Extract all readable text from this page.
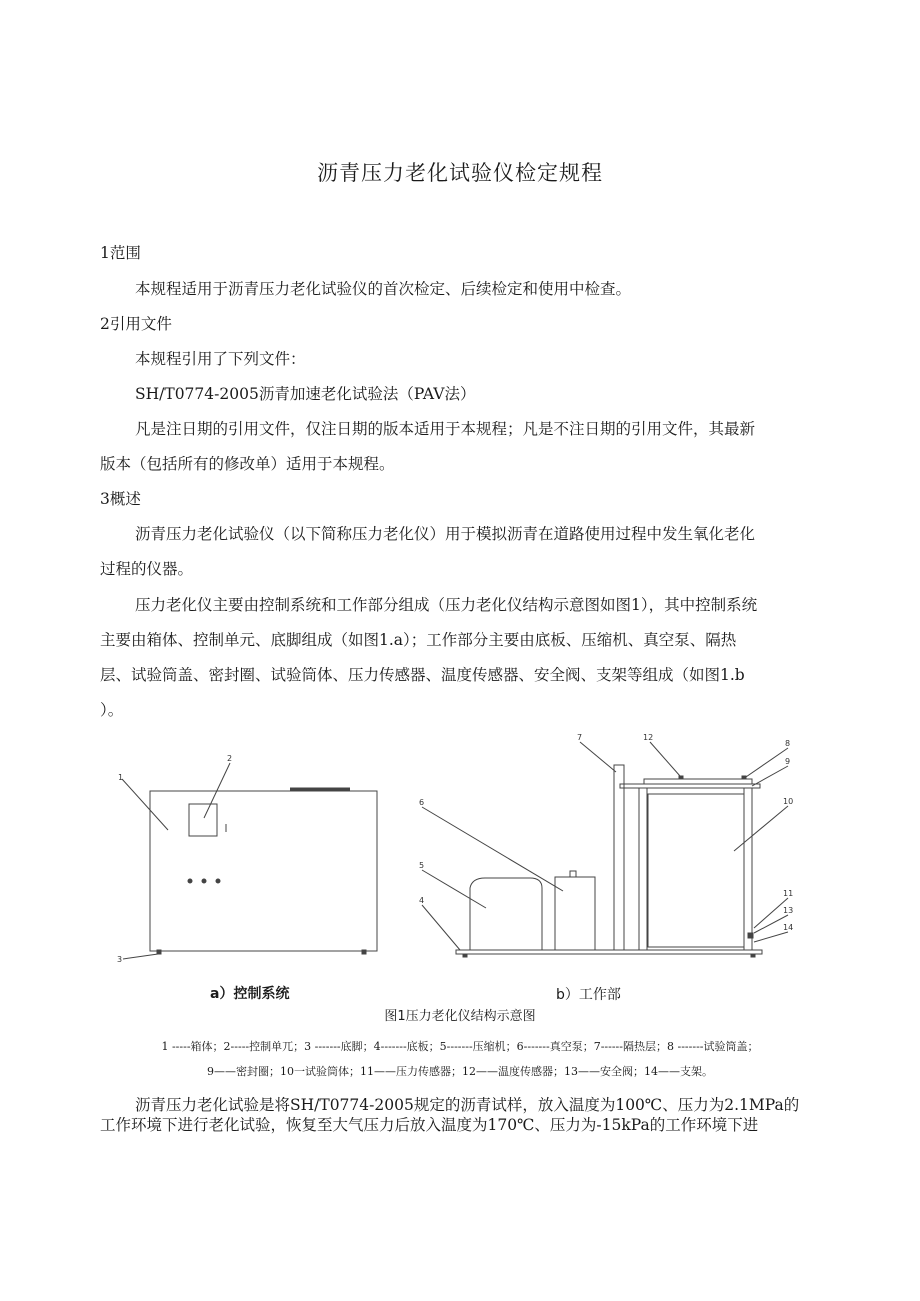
沥青压力老化试验仪检定规程
1范围
本规程适用于沥青压力老化试验仪的首次检定、后续检定和使用中检查。
2引用文件
本规程引用了下列文件：
SH/T0774-2005沥青加速老化试验法（PAV法）
凡是注日期的引用文件，仅注日期的版本适用于本规程；凡是不注日期的引用文件，其最新
版本（包括所有的修改单）适用于本规程。
3概述
沥青压力老化试验仪（以下简称压力老化仪）用于模拟沥青在道路使用过程中发生氧化老化
过程的仪器。
压力老化仪主要由控制系统和工作部分组成（压力老化仪结构示意图如图1），其中控制系统
主要由箱体、控制单元、底脚组成（如图1.a）；工作部分主要由底板、压缩机、真空泵、隔热
层、试验筒盖、密封圈、试验筒体、压力传感器、温度传感器、安全阀、支架等组成（如图1.b
）。
1
2
3
4
5
6
7
8
9
10
11
12
13
14
a）控制系统	b）工作部
图1压力老化仪结构示意图
1 -----箱体；2-----控制单兀；3 -------底脚；4-------底板；5-------压缩机；6-------真空泵；7------隔热层；8 -------试验筒盖；
9——密封圈；10一试验筒体；11——压力传感器；12——温度传感器；13——安全阀；14——支架。
沥青压力老化试验是将SH/T0774-2005规定的沥青试样，放入温度为100℃、压力为2.1MPa的
工作环境下进行老化试验，恢复至大气压力后放入温度为170℃、压力为-15kPa的工作环境下进
